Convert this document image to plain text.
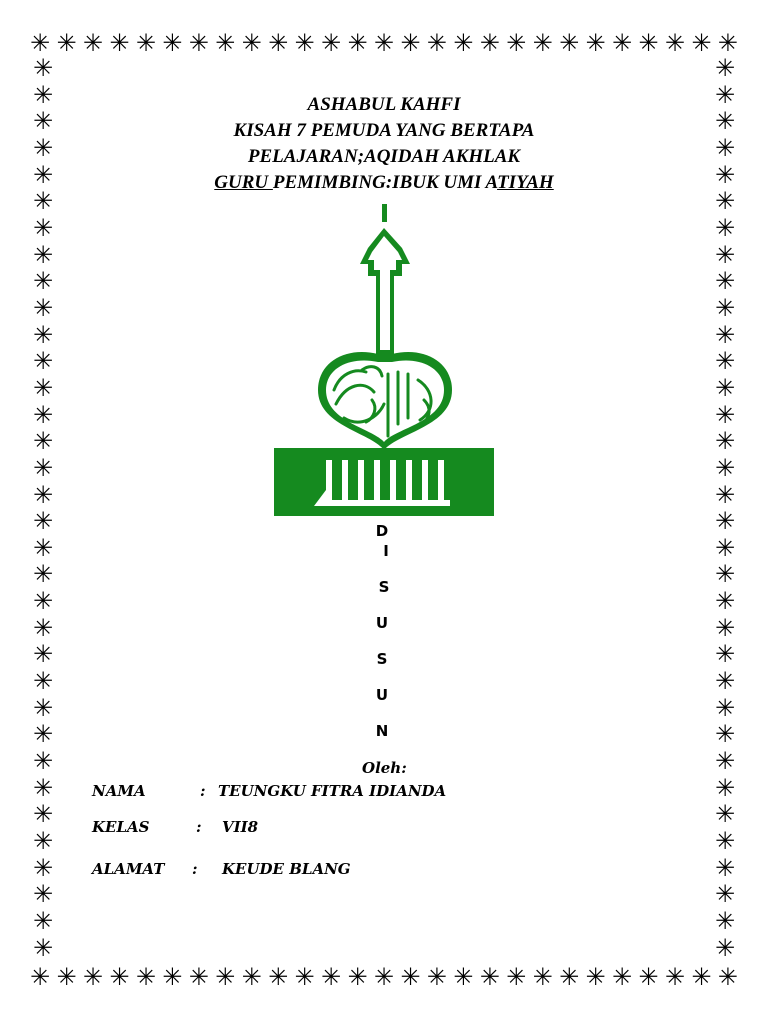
✳ ✳ ✳ ✳ ✳ ✳ ✳ ✳ ✳ ✳ ✳ ✳ ✳ ✳ ✳ ✳ ✳ ✳ ✳ ✳ ✳ ✳ ✳ ✳ ✳ ✳ ✳
✳ ✳ ✳ ✳ ✳ ✳ ✳ ✳ ✳ ✳ ✳ ✳ ✳ ✳ ✳ ✳ ✳ ✳ ✳ ✳ ✳ ✳ ✳ ✳ ✳ ✳ ✳
✳
✳
✳
✳
✳
✳
✳
✳
✳
✳
✳
✳
✳
✳
✳
✳
✳
✳
✳
✳
✳
✳
✳
✳
✳
✳
✳
✳
✳
✳
✳
✳
✳
✳
✳
✳
✳
✳
✳
✳
✳
✳
✳
✳
✳
✳
✳
✳
✳
✳
✳
✳
✳
✳
✳
✳
✳
✳
✳
✳
✳
✳
✳
✳
✳
✳
✳
✳
ASHABUL KAHFI
KISAH 7 PEMUDA YANG BERTAPA
PELAJARAN;AQIDAH AKHLAK
GURU PEMIMBING:IBUK UMI ATIYAH
D
I
S
U
S
U
N
Oleh:
NAMA	: TEUNGKU FITRA IDIANDA
KELAS	: VII8
ALAMAT : KEUDE BLANG
